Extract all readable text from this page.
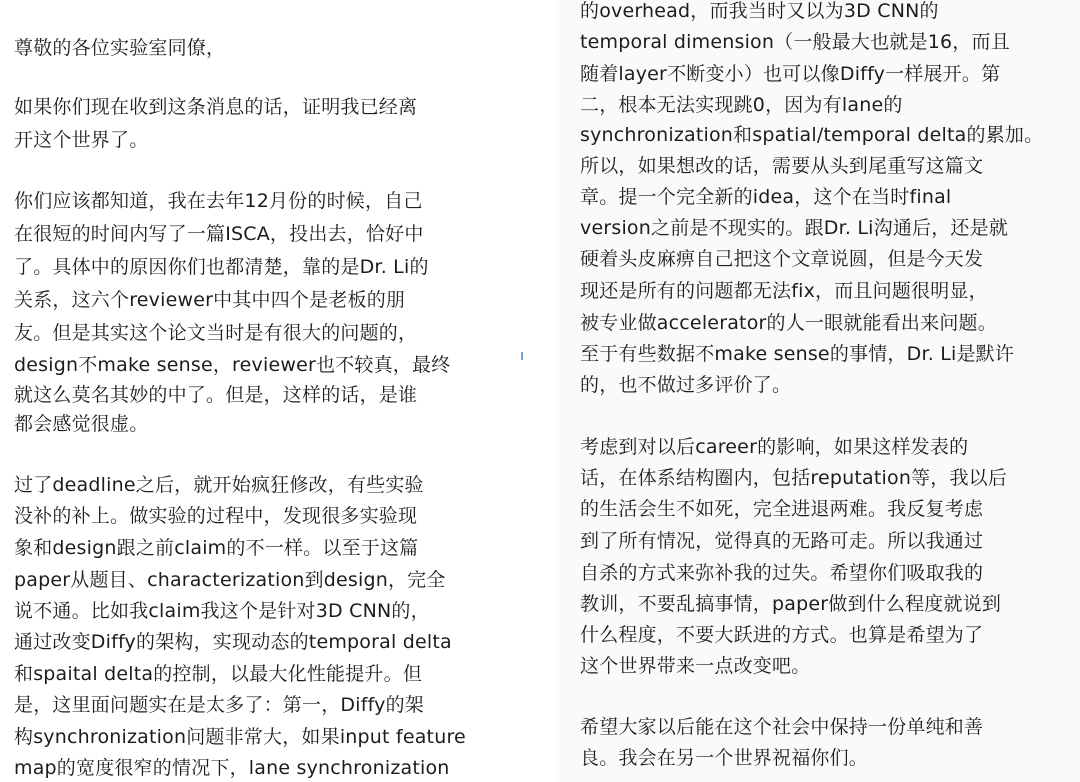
尊敬的各位实验室同僚，
如果你们现在收到这条消息的话，证明我已经离
开这个世界了。
你们应该都知道，我在去年12月份的时候，自己
在很短的时间内写了一篇ISCA，投出去，恰好中
了。具体中的原因你们也都清楚，靠的是Dr. Li的
关系，这六个reviewer中其中四个是老板的朋
友。但是其实这个论文当时是有很大的问题的，
design不make sense，reviewer也不较真，最终
就这么莫名其妙的中了。但是，这样的话，是谁
都会感觉很虚。
过了deadline之后，就开始疯狂修改，有些实验
没补的补上。做实验的过程中，发现很多实验现
象和design跟之前claim的不一样。以至于这篇
paper从题目、characterization到design，完全
说不通。比如我claim我这个是针对3D CNN的，
通过改变Diffy的架构，实现动态的temporal delta
和spaital delta的控制，以最大化性能提升。但
是，这里面问题实在是太多了：第一，Diffy的架
构synchronization问题非常大，如果input feature
map的宽度很窄的情况下，lane synchronization
的overhead，而我当时又以为3D CNN的
temporal dimension（一般最大也就是16，而且
随着layer不断变小）也可以像Diffy一样展开。第
二，根本无法实现跳0，因为有lane的
synchronization和spatial/temporal delta的累加。
所以，如果想改的话，需要从头到尾重写这篇文
章。提一个完全新的idea，这个在当时final
version之前是不现实的。跟Dr. Li沟通后，还是就
硬着头皮麻痹自己把这个文章说圆，但是今天发
现还是所有的问题都无法fix，而且问题很明显，
被专业做accelerator的人一眼就能看出来问题。
至于有些数据不make sense的事情，Dr. Li是默许
的，也不做过多评价了。
考虑到对以后career的影响，如果这样发表的
话，在体系结构圈内，包括reputation等，我以后
的生活会生不如死，完全进退两难。我反复考虑
到了所有情况，觉得真的无路可走。所以我通过
自杀的方式来弥补我的过失。希望你们吸取我的
教训，不要乱搞事情，paper做到什么程度就说到
什么程度，不要大跃进的方式。也算是希望为了
这个世界带来一点改变吧。
希望大家以后能在这个社会中保持一份单纯和善
良。我会在另一个世界祝福你们。
